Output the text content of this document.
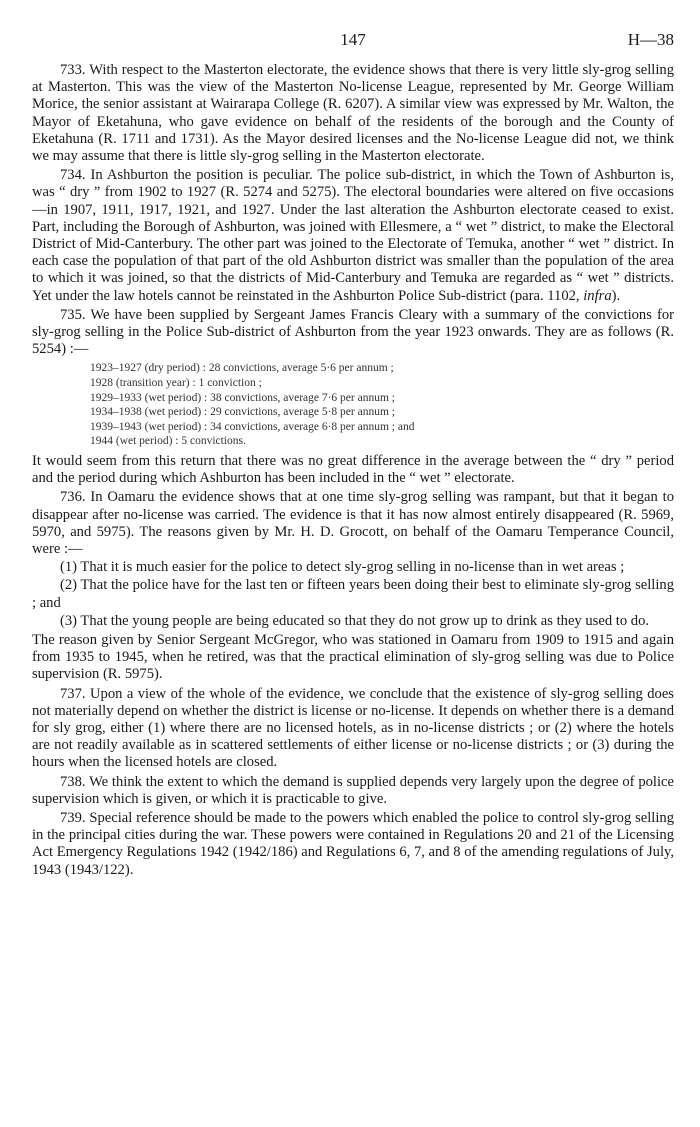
147	H—38

733. With respect to the Masterton electorate, the evidence shows that there is very little sly-grog selling at Masterton. This was the view of the Masterton No-license League, represented by Mr. George William Morice, the senior assistant at Wairarapa College (R. 6207). A similar view was expressed by Mr. Walton, the Mayor of Eketahuna, who gave evidence on behalf of the residents of the borough and the County of Eketahuna (R. 1711 and 1731). As the Mayor desired licenses and the No-license League did not, we think we may assume that there is little sly-grog selling in the Masterton electorate.

734. In Ashburton the position is peculiar. The police sub-district, in which the Town of Ashburton is, was “ dry ” from 1902 to 1927 (R. 5274 and 5275). The electoral boundaries were altered on five occasions—in 1907, 1911, 1917, 1921, and 1927. Under the last alteration the Ashburton electorate ceased to exist. Part, including the Borough of Ashburton, was joined with Ellesmere, a “ wet ” district, to make the Electoral District of Mid-Canterbury. The other part was joined to the Electorate of Temuka, another “ wet ” district. In each case the population of that part of the old Ashburton district was smaller than the population of the area to which it was joined, so that the districts of Mid-Canterbury and Temuka are regarded as “ wet ” districts. Yet under the law hotels cannot be reinstated in the Ashburton Police Sub-district (para. 1102, infra).

735. We have been supplied by Sergeant James Francis Cleary with a summary of the convictions for sly-grog selling in the Police Sub-district of Ashburton from the year 1923 onwards. They are as follows (R. 5254) :—

1923–1927 (dry period) : 28 convictions, average 5·6 per annum ;
1928 (transition year) : 1 conviction ;
1929–1933 (wet period) : 38 convictions, average 7·6 per annum ;
1934–1938 (wet period) : 29 convictions, average 5·8 per annum ;
1939–1943 (wet period) : 34 convictions, average 6·8 per annum ; and
1944 (wet period) : 5 convictions.

It would seem from this return that there was no great difference in the average between the “ dry ” period and the period during which Ashburton has been included in the “ wet ” electorate.

736. In Oamaru the evidence shows that at one time sly-grog selling was rampant, but that it began to disappear after no-license was carried. The evidence is that it has now almost entirely disappeared (R. 5969, 5970, and 5975). The reasons given by Mr. H. D. Grocott, on behalf of the Oamaru Temperance Council, were :—

(1) That it is much easier for the police to detect sly-grog selling in no-license than in wet areas ;

(2) That the police have for the last ten or fifteen years been doing their best to eliminate sly-grog selling ; and

(3) That the young people are being educated so that they do not grow up to drink as they used to do.

The reason given by Senior Sergeant McGregor, who was stationed in Oamaru from 1909 to 1915 and again from 1935 to 1945, when he retired, was that the practical elimination of sly-grog selling was due to Police supervision (R. 5975).

737. Upon a view of the whole of the evidence, we conclude that the existence of sly-grog selling does not materially depend on whether the district is license or no-license. It depends on whether there is a demand for sly grog, either (1) where there are no licensed hotels, as in no-license districts ; or (2) where the hotels are not readily available as in scattered settlements of either license or no-license districts ; or (3) during the hours when the licensed hotels are closed.

738. We think the extent to which the demand is supplied depends very largely upon the degree of police supervision which is given, or which it is practicable to give.

739. Special reference should be made to the powers which enabled the police to control sly-grog selling in the principal cities during the war. These powers were contained in Regulations 20 and 21 of the Licensing Act Emergency Regulations 1942 (1942/186) and Regulations 6, 7, and 8 of the amending regulations of July, 1943 (1943/122).
